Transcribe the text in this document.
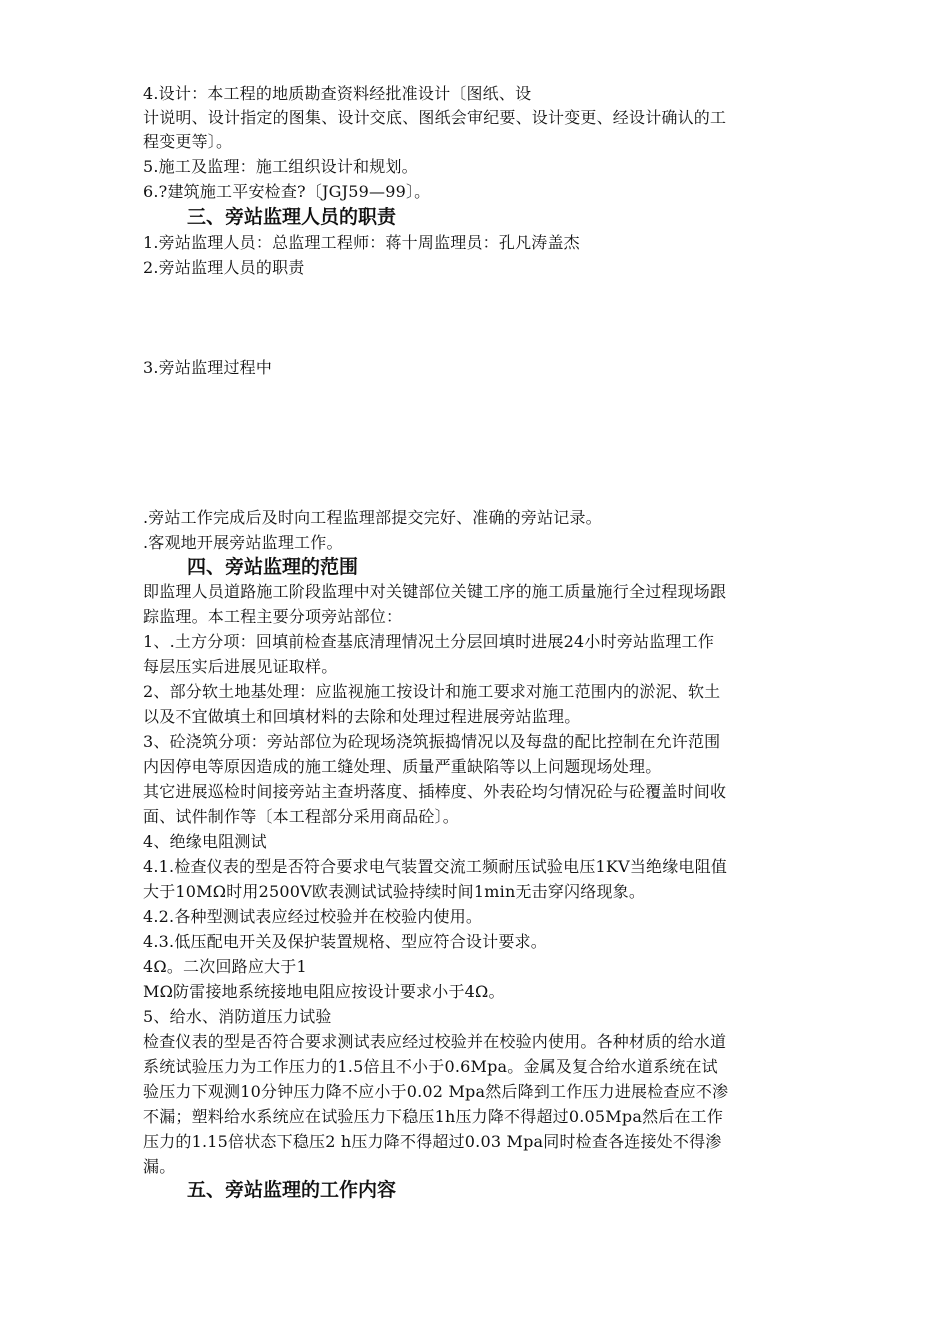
4.设计：本工程的地质勘查资料经批准设计〔图纸、设
计说明、设计指定的图集、设计交底、图纸会审纪要、设计变更、经设计确认的工
程变更等〕。
5.施工及监理：施工组织设计和规划。
6.?建筑施工平安检查?〔JGJ59—99〕。
三、旁站监理人员的职责
1.旁站监理人员：总监理工程师：蒋十周监理员：孔凡涛盖杰
2.旁站监理人员的职责
3.旁站监理过程中
.旁站工作完成后及时向工程监理部提交完好、准确的旁站记录。
.客观地开展旁站监理工作。
四、旁站监理的范围
即监理人员道路施工阶段监理中对关键部位关键工序的施工质量施行全过程现场跟
踪监理。本工程主要分项旁站部位：
1、.土方分项：回填前检查基底清理情况土分层回填时进展24小时旁站监理工作
每层压实后进展见证取样。
2、部分软土地基处理：应监视施工按设计和施工要求对施工范围内的淤泥、软土
以及不宜做填土和回填材料的去除和处理过程进展旁站监理。
3、砼浇筑分项：旁站部位为砼现场浇筑振捣情况以及每盘的配比控制在允许范围
内因停电等原因造成的施工缝处理、质量严重缺陷等以上问题现场处理。
其它进展巡检时间接旁站主查坍落度、插棒度、外表砼均匀情况砼与砼覆盖时间收
面、试件制作等〔本工程部分采用商品砼〕。
4、绝缘电阻测试
4.1.检查仪表的型是否符合要求电气装置交流工频耐压试验电压1KV当绝缘电阻值
大于10MΩ时用2500V欧表测试试验持续时间1min无击穿闪络现象。
4.2.各种型测试表应经过校验并在校验内使用。
4.3.低压配电开关及保护装置规格、型应符合设计要求。
4Ω。二次回路应大于1
MΩ防雷接地系统接地电阻应按设计要求小于4Ω。
5、给水、消防道压力试验
检查仪表的型是否符合要求测试表应经过校验并在校验内使用。各种材质的给水道
系统试验压力为工作压力的1.5倍且不小于0.6Mpa。金属及复合给水道系统在试
验压力下观测10分钟压力降不应小于0.02 Mpa然后降到工作压力进展检查应不渗
不漏；塑料给水系统应在试验压力下稳压1h压力降不得超过0.05Mpa然后在工作
压力的1.15倍状态下稳压2 h压力降不得超过0.03 Mpa同时检查各连接处不得渗
漏。
五、旁站监理的工作内容
